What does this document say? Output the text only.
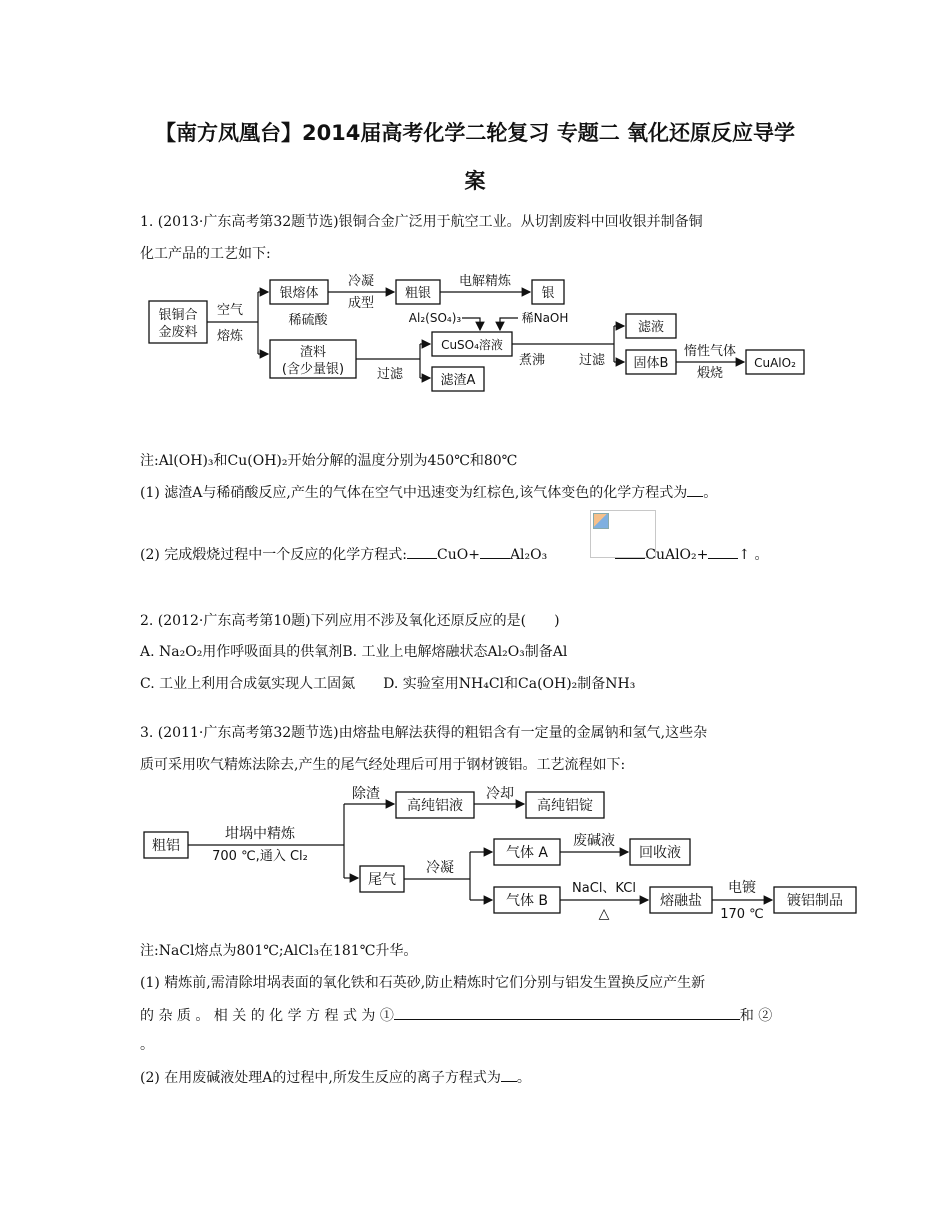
【南方凤凰台】2014届高考化学二轮复习 专题二 氧化还原反应导学
案
1. (2013·广东高考第32题节选)银铜合金广泛用于航空工业。从切割废料中回收银并制备铜
化工产品的工艺如下:
银铜合
金废料
空气
熔炼
银熔体
冷凝
成型
粗银
电解精炼
银
稀硫酸
渣料
(含少量银)	过滤
Al₂(SO₄)₃	稀NaOH
CuSO₄溶液
滤渣A
煮沸	过滤
滤液
固体B
惰性气体
煅烧
CuAlO₂
注:Al(OH)₃和Cu(OH)₂开始分解的温度分别为450℃和80℃
(1) 滤渣A与稀硝酸反应,产生的气体在空气中迅速变为红棕色,该气体变色的化学方程式为 。
(2) 完成煅烧过程中一个反应的化学方程式: CuO+ Al₂O₃	CuAlO₂+ ↑ 。
2. (2012·广东高考第10题)下列应用不涉及氧化还原反应的是(　　)
A. Na₂O₂用作呼吸面具的供氧剂B. 工业上电解熔融状态Al₂O₃制备Al
C. 工业上利用合成氨实现人工固氮 D. 实验室用NH₄Cl和Ca(OH)₂制备NH₃
3. (2011·广东高考第32题节选)由熔盐电解法获得的粗铝含有一定量的金属钠和氢气,这些杂
质可采用吹气精炼法除去,产生的尾气经处理后可用于钢材镀铝。工艺流程如下:
粗铝
坩埚中精炼
700 ℃,通入 Cl₂
除渣
高纯铝液
冷却
高纯铝锭
尾气
冷凝
气体 A
废碱液
回收液
气体 B
NaCl、KCl
△
熔融盐
电镀
170 ℃
镀铝制品
注:NaCl熔点为801℃;AlCl₃在181℃升华。
(1) 精炼前,需清除坩埚表面的氧化铁和石英砂,防止精炼时它们分别与铝发生置换反应产生新
的 杂 质 。 相 关 的 化 学 方 程 式 为 ①	和 ②
。
(2) 在用废碱液处理A的过程中,所发生反应的离子方程式为 。
